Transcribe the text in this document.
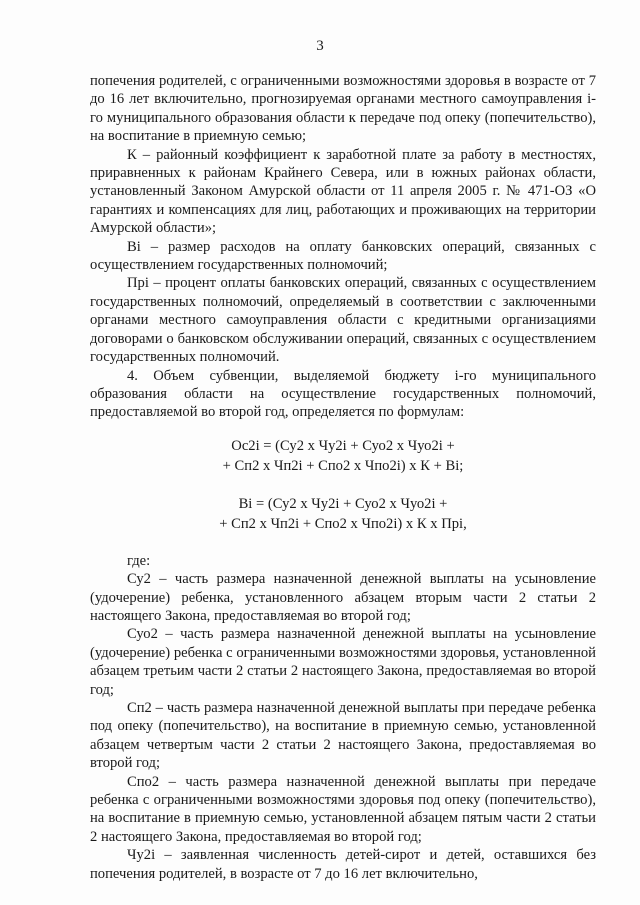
3

попечения родителей, с ограниченными возможностями здоровья в возрасте от 7 до 16 лет включительно, прогнозируемая органами местного самоуправления i-го муниципального образования области к передаче под опеку (попечительство), на воспитание в приемную семью;

К – районный коэффициент к заработной плате за работу в местностях, приравненных к районам Крайнего Севера, или в южных районах области, установленный Законом Амурской области от 11 апреля 2005 г. № 471-ОЗ «О гарантиях и компенсациях для лиц, работающих и проживающих на территории Амурской области»;

Вi – размер расходов на оплату банковских операций, связанных с осуществлением государственных полномочий;

Прi – процент оплаты банковских операций, связанных с осуществлением государственных полномочий, определяемый в соответствии с заключенными органами местного самоуправления области с кредитными организациями договорами о банковском обслуживании операций, связанных с осуществлением государственных полномочий.

4. Объем субвенции, выделяемой бюджету i-го муниципального образования области на осуществление государственных полномочий, предоставляемой во второй год, определяется по формулам:

Ос2i = (Су2 х Чу2i + Суо2 х Чуо2i +
+ Сп2 х Чп2i + Спо2 х Чпо2i) х К + Вi;
Вi = (Су2 х Чу2i + Суо2 х Чуо2i +
+ Сп2 х Чп2i + Спо2 х Чпо2i) х К х Прi,

где:

Су2 – часть размера назначенной денежной выплаты на усыновление (удочерение) ребенка, установленного абзацем вторым части 2 статьи 2 настоящего Закона, предоставляемая во второй год;

Суо2 – часть размера назначенной денежной выплаты на усыновление (удочерение) ребенка с ограниченными возможностями здоровья, установленной абзацем третьим части 2 статьи 2 настоящего Закона, предоставляемая во второй год;

Сп2 – часть размера назначенной денежной выплаты при передаче ребенка под опеку (попечительство), на воспитание в приемную семью, установленной абзацем четвертым части 2 статьи 2 настоящего Закона, предоставляемая во второй год;

Спо2 – часть размера назначенной денежной выплаты при передаче ребенка с ограниченными возможностями здоровья под опеку (попечительство), на воспитание в приемную семью, установленной абзацем пятым части 2 статьи 2 настоящего Закона, предоставляемая во второй год;

Чу2i – заявленная численность детей-сирот и детей, оставшихся без попечения родителей, в возрасте от 7 до 16 лет включительно,
